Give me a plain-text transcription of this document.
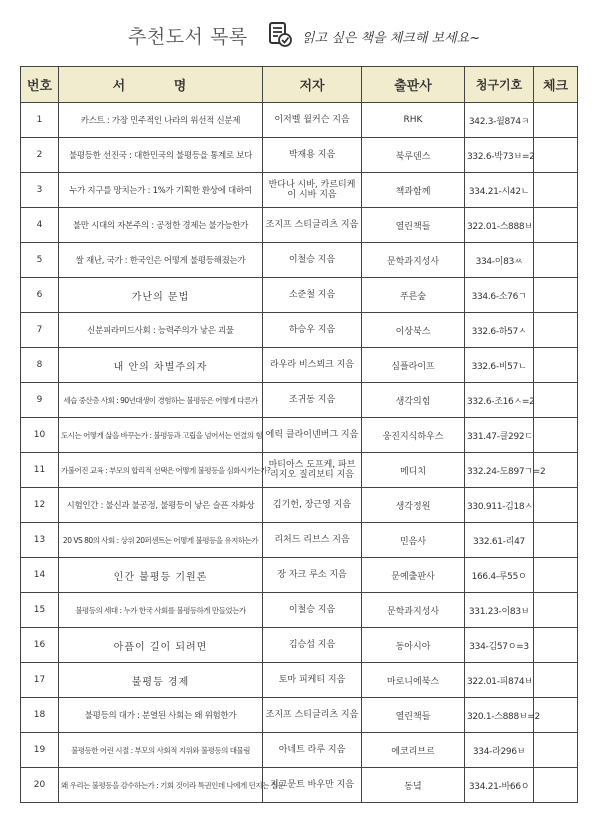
추천도서 목록	읽고 싶은 책을 체크해 보세요~
번호	서 명	저자	출판사	청구기호	체크
1	카스트 : 가장 민주적인 나라의 위선적 신분제	이저벨 윌커슨 지음	RHK	342.3-윌874ㅋ	
2	불평등한 선진국 : 대한민국의 불평등을 통계로 보다	박재용 지음	북루덴스	332.6-박73ㅂ=2	
3	누가 지구를 망치는가 : 1%가 기획한 환상에 대하여	반다나 시바, 카르티케이 시바 지음	책과함께	334.21-시42ㄴ	
4	불만 시대의 자본주의 : 공정한 경제는 불가능한가	조지프 스티글리츠 지음	열린책들	322.01-스888ㅂ	
5	쌀 재난, 국가 : 한국인은 어떻게 불평등해졌는가	이철승 지음	문학과지성사	334-이83ㅆ	
6	가난의 문법	소준철 지음	푸른숲	334.6-소76ㄱ	
7	신분피라미드사회 : 능력주의가 낳은 괴물	하승우 지음	이상북스	332.6-하57ㅅ	
8	내 안의 차별주의자	라우라 비스뵈크 지음	심플라이프	332.6-비57ㄴ	
9	세습 중산층 사회 : 90년대생이 경험하는 불평등은 어떻게 다른가	조귀동 지음	생각의힘	332.6-조16ㅅ=2	
10	도시는 어떻게 삶을 바꾸는가 : 불평등과 고립을 넘어서는 연결의 힘	에릭 클라이넨버그 지음	웅진지식하우스	331.47-클292ㄷ	
11	가불어진 교육 : 부모의 합리적 선택은 어떻게 불평등을 심화시키는가?	마티아스 도프케, 파브리지오 질리보티 지음	메디치	332.24-도897ㄱ=2	
12	시험인간 : 불신과 불공정, 불평등이 낳은 슬픈 자화상	김기헌, 장근영 지음	생각정원	330.911-김18ㅅ	
13	20 VS 80의 사회 : 상위 20퍼센트는 어떻게 불평등을 유지하는가	리처드 리브스 지음	민음사	332.61-리47	
14	인간 불평등 기원론	장 자크 루소 지음	문예출판사	166.4-루55ㅇ	
15	불평등의 세대 : 누가 한국 사회를 불평등하게 만들었는가	이철승 지음	문학과지성사	331.23-이83ㅂ	
16	아픔이 길이 되려면	김승섭 지음	동아시아	334-김57ㅇ=3	
17	불평등 경제	토마 피케티 지음	마로니에북스	322.01-피874ㅂ	
18	불평등의 대가 : 분열된 사회는 왜 위험한가	조지프 스티글리츠 지음	열린책들	320.1-스888ㅂ=2	
19	불평등한 어린 시절 : 부모의 사회적 지위와 불평등의 대물림	아네트 라루 지음	에코리브르	334-라296ㅂ	
20	왜 우리는 불평등을 감수하는가 : 기회 것이라 특권인데 나에게 던지는 질문	지그문트 바우만 지음	동녘	334.21-바66ㅇ	
